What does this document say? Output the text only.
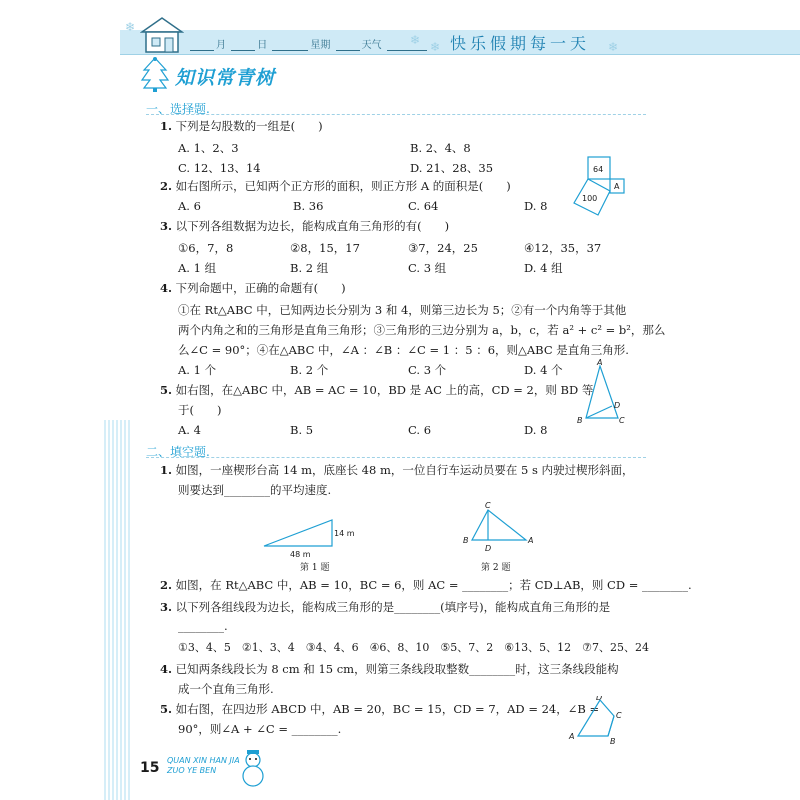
月	日	星期	天气	❄ ❄	❄
❄
快乐假期每一天
知识常青树
一、选择题.
1. 下列是勾股数的一组是(　　)
A. 1、2、3	B. 2、4、8
C. 12、13、14	D. 21、28、35
2. 如右图所示，已知两个正方形的面积，则正方形 A 的面积是(　　)
A. 6	B. 36	C. 64	D. 8
64
A
100
3. 以下列各组数据为边长，能构成直角三角形的有(　　)
①6，7，8	②8，15，17	③7，24，25	④12，35，37
A. 1 组	B. 2 组	C. 3 组	D. 4 组
4. 下列命题中，正确的命题有(　　)
①在 Rt△ABC 中，已知两边长分别为 3 和 4，则第三边长为 5；②有一个内角等于其他
两个内角之和的三角形是直角三角形；③三角形的三边分别为 a，b，c，若 a² + c² = b²，那么
么∠C = 90°；④在△ABC 中，∠A ：∠B ：∠C = 1 ：5 ：6，则△ABC 是直角三角形.
A. 1 个	B. 2 个	C. 3 个	D. 4 个
5. 如右图，在△ABC 中，AB = AC = 10，BD 是 AC 上的高，CD = 2，则 BD 等
于(　　)
A. 4	B. 5	C. 6	D. 8
A
B	C
D
二、填空题.
1. 如图，一座楔形台高 14 m，底座长 48 m，一位自行车运动员要在 5 s 内驶过楔形斜面，
则要达到________的平均速度.
14 m
48 m
第 1 题
C
B	A
D
第 2 题
2. 如图，在 Rt△ABC 中，AB = 10，BC = 6，则 AC = ________；若 CD⊥AB，则 CD = ________.
3. 以下列各组线段为边长，能构成三角形的是________(填序号)，能构成直角三角形的是
________.
①3、4、5　②1、3、4　③4、4、6　④6、8、10　⑤5、7、2　⑥13、5、12　⑦7、25、24
4. 已知两条线段长为 8 cm 和 15 cm，则第三条线段取整数________时，这三条线段能构
成一个直角三角形.
5. 如右图，在四边形 ABCD 中，AB = 20，BC = 15，CD = 7，AD = 24，∠B =
90°，则∠A + ∠C = ________.
A
B
C
D
15 QUAN XIN HAN JIA
ZUO YE BEN
